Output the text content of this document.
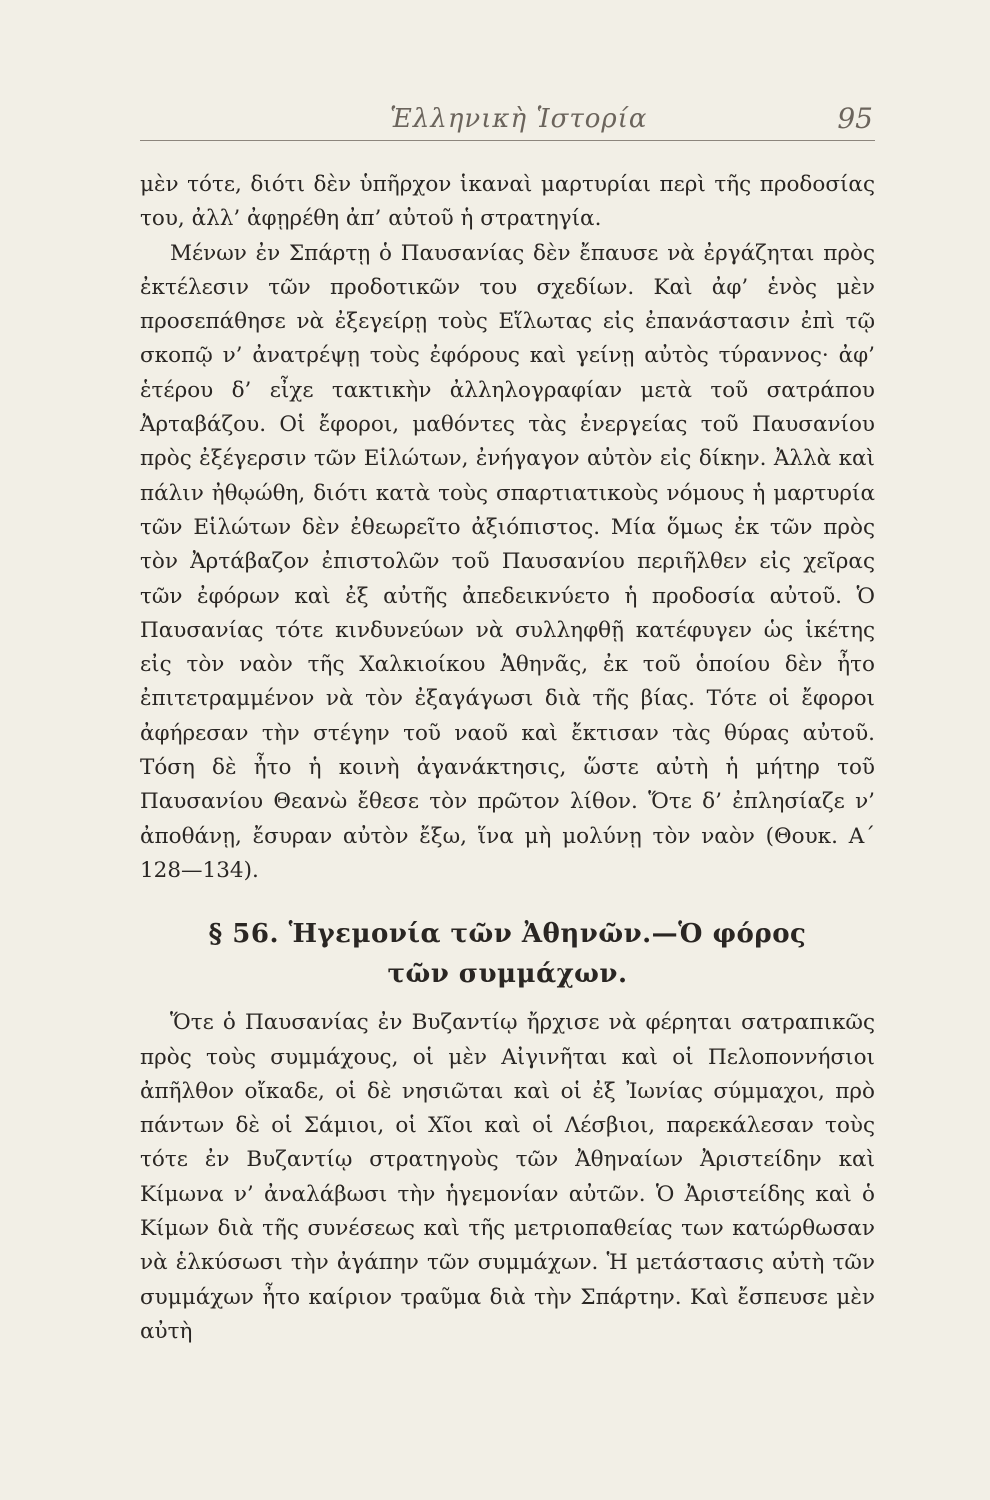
Ἑλληνικὴ Ἱστορία	95

μὲν τότε, διότι δὲν ὑπῆρχον ἱκαναὶ μαρτυρίαι περὶ τῆς προδοσίας του, ἀλλ’ ἀφῃρέθη ἀπ’ αὐτοῦ ἡ στρατηγία.

Μένων ἐν Σπάρτῃ ὁ Παυσανίας δὲν ἔπαυσε νὰ ἐργάζηται πρὸς ἐκτέλεσιν τῶν προδοτικῶν του σχεδίων. Καὶ ἀφ’ ἑνὸς μὲν προσεπάθησε νὰ ἐξεγείρῃ τοὺς Εἵλωτας εἰς ἐπανάστασιν ἐπὶ τῷ σκοπῷ ν’ ἀνατρέψῃ τοὺς ἐφόρους καὶ γείνῃ αὐτὸς τύραννος· ἀφ’ ἑτέρου δ’ εἶχε τακτικὴν ἀλληλογραφίαν μετὰ τοῦ σατράπου Ἀρταβάζου. Οἱ ἔφοροι, μαθόντες τὰς ἐνεργείας τοῦ Παυσανίου πρὸς ἐξέγερσιν τῶν Εἱλώτων, ἐνήγαγον αὐτὸν εἰς δίκην. Ἀλλὰ καὶ πάλιν ἠθῳώθη, διότι κατὰ τοὺς σπαρτιατικοὺς νόμους ἡ μαρτυρία τῶν Εἱλώτων δὲν ἐθεωρεῖτο ἀξιόπιστος. Μία ὅμως ἐκ τῶν πρὸς τὸν Ἀρτάβαζον ἐπιστολῶν τοῦ Παυσανίου περιῆλθεν εἰς χεῖρας τῶν ἐφόρων καὶ ἐξ αὐτῆς ἀπεδεικνύετο ἡ προδοσία αὐτοῦ. Ὁ Παυσανίας τότε κινδυνεύων νὰ συλληφθῇ κατέφυγεν ὡς ἱκέτης εἰς τὸν ναὸν τῆς Χαλκιοίκου Ἀθηνᾶς, ἐκ τοῦ ὁποίου δὲν ἦτο ἐπιτετραμμένον νὰ τὸν ἐξαγάγωσι διὰ τῆς βίας. Τότε οἱ ἔφοροι ἀφήρεσαν τὴν στέγην τοῦ ναοῦ καὶ ἔκτισαν τὰς θύρας αὐτοῦ. Τόση δὲ ἦτο ἡ κοινὴ ἀγανάκτησις, ὥστε αὐτὴ ἡ μήτηρ τοῦ Παυσανίου Θεανὼ ἔθεσε τὸν πρῶτον λίθον. Ὅτε δ’ ἐπλησίαζε ν’ ἀποθάνῃ, ἔσυραν αὐτὸν ἔξω, ἵνα μὴ μολύνῃ τὸν ναὸν (Θουκ. Α΄ 128—134).

§ 56. Ἡγεμονία τῶν Ἀθηνῶν.—Ὁ φόρος
τῶν συμμάχων.

Ὅτε ὁ Παυσανίας ἐν Βυζαντίῳ ἤρχισε νὰ φέρηται σατραπικῶς πρὸς τοὺς συμμάχους, οἱ μὲν Αἰγινῆται καὶ οἱ Πελοποννήσιοι ἀπῆλθον οἴκαδε, οἱ δὲ νησιῶται καὶ οἱ ἐξ Ἰωνίας σύμμαχοι, πρὸ πάντων δὲ οἱ Σάμιοι, οἱ Χῖοι καὶ οἱ Λέσβιοι, παρεκάλεσαν τοὺς τότε ἐν Βυζαντίῳ στρατηγοὺς τῶν Ἀθηναίων Ἀριστείδην καὶ Κίμωνα ν’ ἀναλάβωσι τὴν ἡγεμονίαν αὐτῶν. Ὁ Ἀριστείδης καὶ ὁ Κίμων διὰ τῆς συνέσεως καὶ τῆς μετριοπαθείας των κατώρθωσαν νὰ ἑλκύσωσι τὴν ἀγάπην τῶν συμμάχων. Ἡ μετάστασις αὐτὴ τῶν συμμάχων ἦτο καίριον τραῦμα διὰ τὴν Σπάρτην. Καὶ ἔσπευσε μὲν αὐτὴ
